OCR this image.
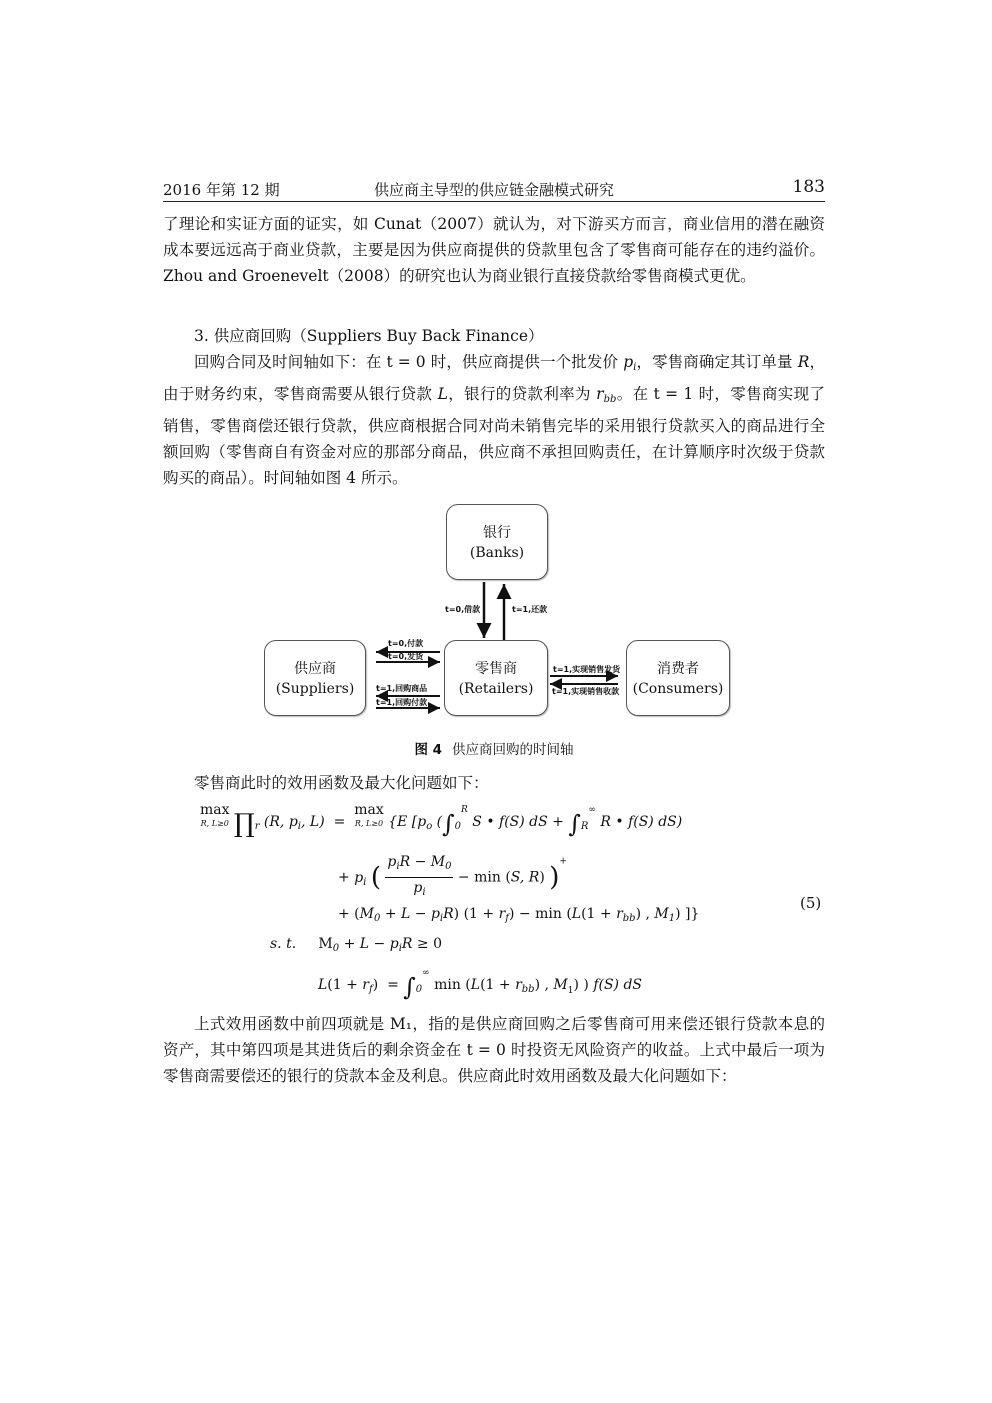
2016 年第 12 期	供应商主导型的供应链金融模式研究	183

了理论和实证方面的证实，如 Cunat（2007）就认为，对下游买方而言，商业信用的潜在融资成本要远远高于商业贷款，主要是因为供应商提供的贷款里包含了零售商可能存在的违约溢价。Zhou and Groenevelt（2008）的研究也认为商业银行直接贷款给零售商模式更优。

3. 供应商回购（Suppliers Buy Back Finance）

回购合同及时间轴如下：在 t = 0 时，供应商提供一个批发价 $p_i$，零售商确定其订单量 R，由于财务约束，零售商需要从银行贷款 L，银行的贷款利率为 $r_{bb}$。在 t = 1 时，零售商实现了销售，零售商偿还银行贷款，供应商根据合同对尚未销售完毕的采用银行贷款买入的商品进行全额回购（零售商自有资金对应的那部分商品，供应商不承担回购责任，在计算顺序时次级于贷款购买的商品）。时间轴如图 4 所示。

银行
(Banks)
供应商
(Suppliers)
零售商
(Retailers)
消费者
(Consumers)
t=0,借款	t=1,还款
t=0,付款
t=0,发货
t=1,回购商品
t=1,回购付款
t=1,实现销售发货
t=1,实现销售收款
图 4 供应商回购的时间轴

零售商此时的效用函数及最大化问题如下：

max
R, L≥0 $\prod_r$ (R, $p_i$, L)  =  max
R, L≥0 {E [$p_o$ ($\int_0^R$ S • f(S) dS + $\int_R^\infty$ R • f(S) dS)
+ $p_i$ (
$p_iR - M_0$
$p_i$
− min (S, R) )+
+ $(M_0 + L - p_iR) (1 + r_f) - \min (L(1 + r_{bb})$ , $M_1$) ]}
(5)
s. t.     $M_0 + L - p_iR \ge 0$
$L(1 + r_f) = \int_0^\infty$ $\min (L(1 + r_{bb})$ , $M_1$) ) f(S) dS

上式效用函数中前四项就是 M₁，指的是供应商回购之后零售商可用来偿还银行贷款本息的资产，其中第四项是其进货后的剩余资金在 t = 0 时投资无风险资产的收益。上式中最后一项为零售商需要偿还的银行的贷款本金及利息。供应商此时效用函数及最大化问题如下：
